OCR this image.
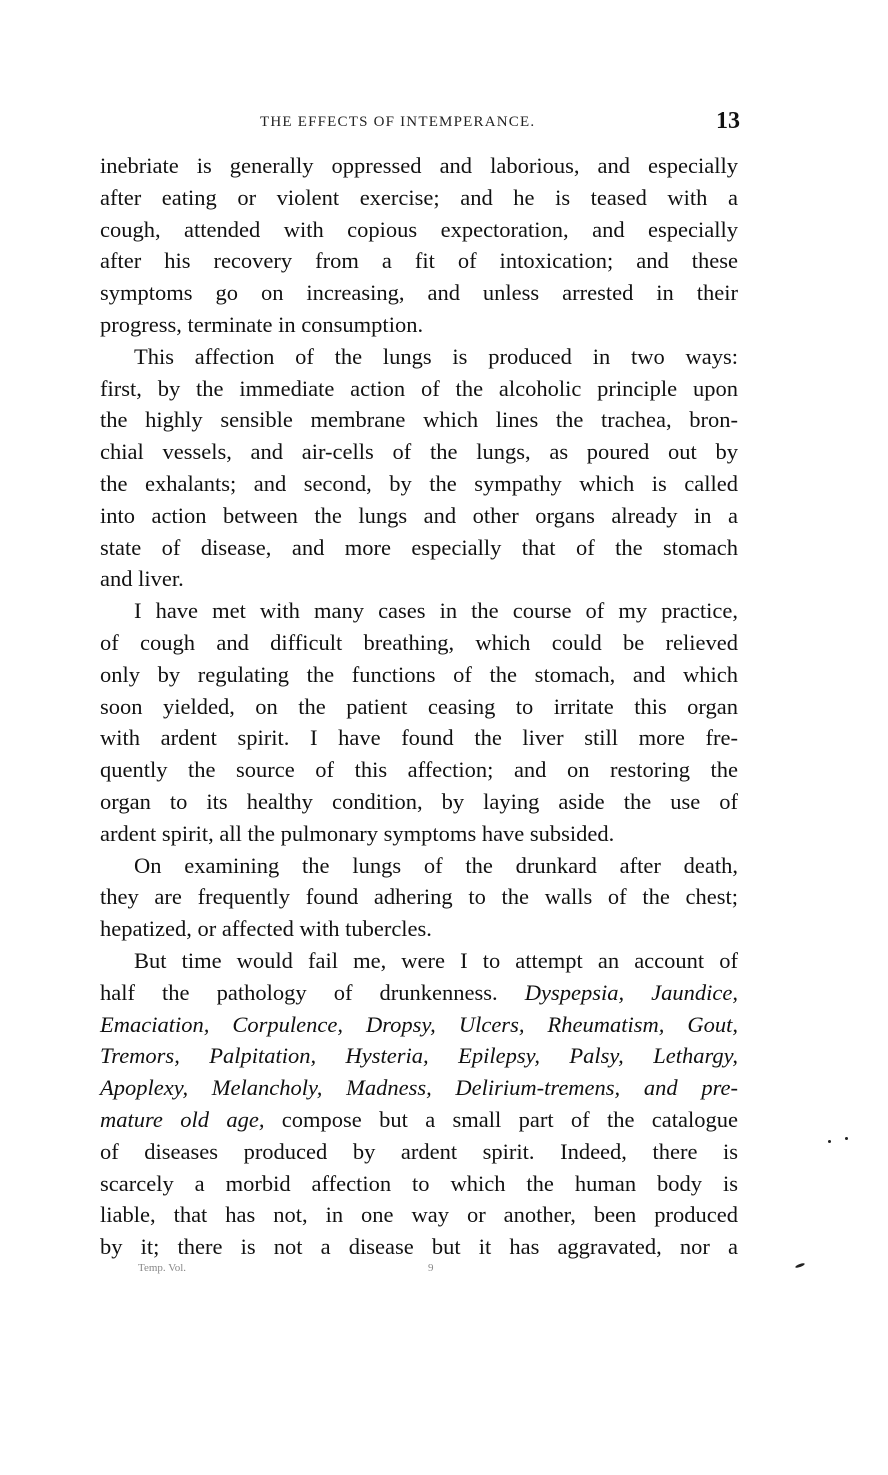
THE EFFECTS OF INTEMPERANCE.	13
inebriate is generally oppressed and laborious, and especially
after eating or violent exercise; and he is teased with a
cough, attended with copious expectoration, and especially
after his recovery from a fit of intoxication; and these
symptoms go on increasing, and unless arrested in their
progress, terminate in consumption.
This affection of the lungs is produced in two ways:
first, by the immediate action of the alcoholic principle upon
the highly sensible membrane which lines the trachea, bron-
chial vessels, and air-cells of the lungs, as poured out by
the exhalants; and second, by the sympathy which is called
into action between the lungs and other organs already in a
state of disease, and more especially that of the stomach
and liver.
I have met with many cases in the course of my practice,
of cough and difficult breathing, which could be relieved
only by regulating the functions of the stomach, and which
soon yielded, on the patient ceasing to irritate this organ
with ardent spirit. I have found the liver still more fre-
quently the source of this affection; and on restoring the
organ to its healthy condition, by laying aside the use of
ardent spirit, all the pulmonary symptoms have subsided.
On examining the lungs of the drunkard after death,
they are frequently found adhering to the walls of the chest;
hepatized, or affected with tubercles.
But time would fail me, were I to attempt an account of
half the pathology of drunkenness. Dyspepsia, Jaundice,
Emaciation, Corpulence, Dropsy, Ulcers, Rheumatism, Gout,
Tremors, Palpitation, Hysteria, Epilepsy, Palsy, Lethargy,
Apoplexy, Melancholy, Madness, Delirium-tremens, and pre-
mature old age, compose but a small part of the catalogue
of diseases produced by ardent spirit. Indeed, there is
scarcely a morbid affection to which the human body is
liable, that has not, in one way or another, been produced
by it; there is not a disease but it has aggravated, nor a
Temp. Vol.	9
